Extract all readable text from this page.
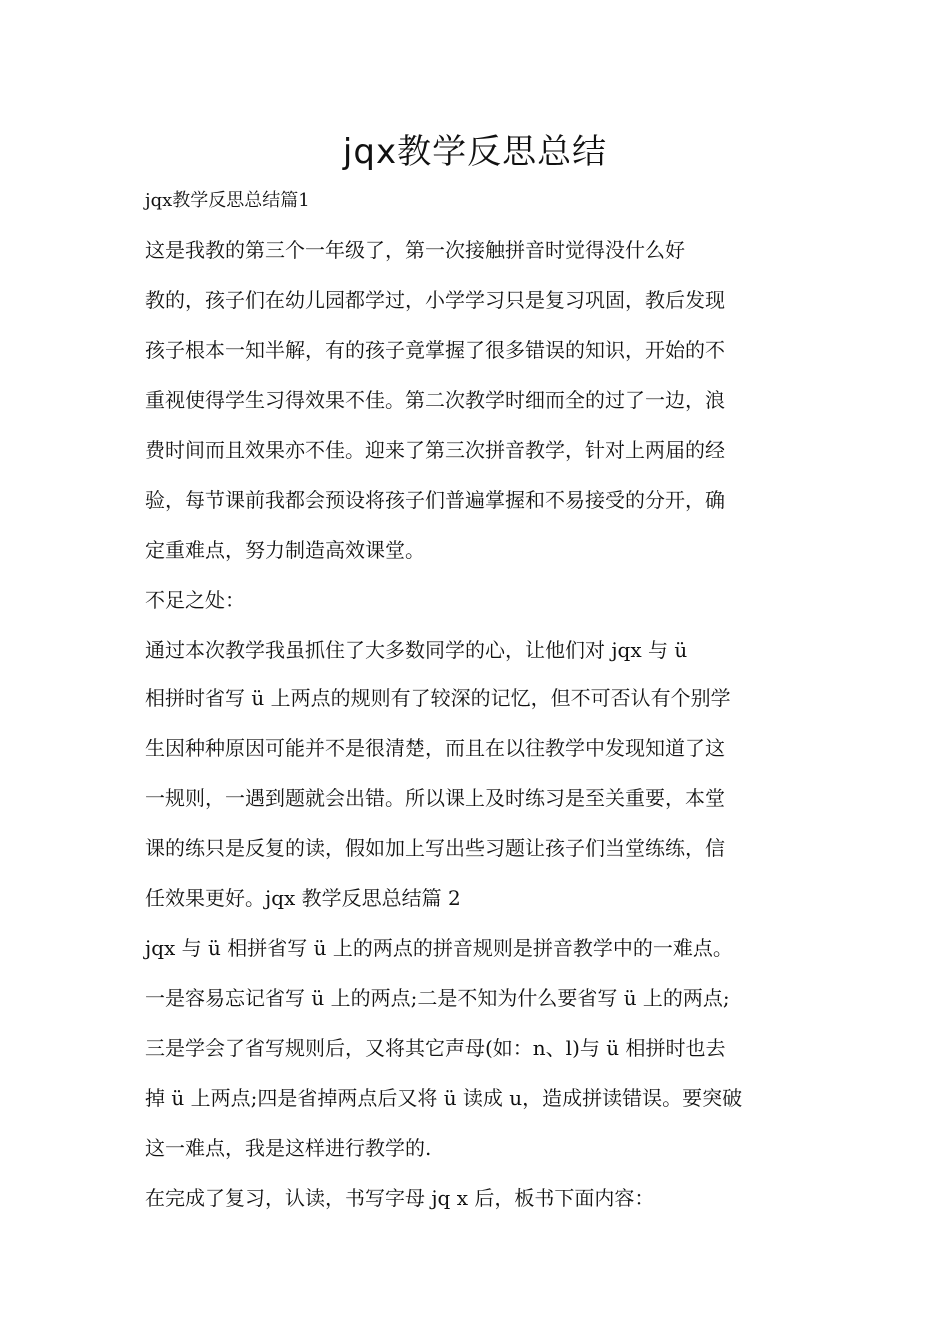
jqx教学反思总结
jqx教学反思总结篇1
这是我教的第三个一年级了，第一次接触拼音时觉得没什么好
教的，孩子们在幼儿园都学过，小学学习只是复习巩固，教后发现
孩子根本一知半解，有的孩子竟掌握了很多错误的知识，开始的不
重视使得学生习得效果不佳。第二次教学时细而全的过了一边，浪
费时间而且效果亦不佳。迎来了第三次拼音教学，针对上两届的经
验，每节课前我都会预设将孩子们普遍掌握和不易接受的分开，确
定重难点，努力制造高效课堂。
不足之处：
通过本次教学我虽抓住了大多数同学的心，让他们对 jqx 与 ü
相拼时省写 ü 上两点的规则有了较深的记忆，但不可否认有个别学
生因种种原因可能并不是很清楚，而且在以往教学中发现知道了这
一规则，一遇到题就会出错。所以课上及时练习是至关重要，本堂
课的练只是反复的读，假如加上写出些习题让孩子们当堂练练，信
任效果更好。jqx 教学反思总结篇 2
jqx 与 ü 相拼省写 ü 上的两点的拼音规则是拼音教学中的一难点。
一是容易忘记省写 ü 上的两点;二是不知为什么要省写 ü 上的两点;
三是学会了省写规则后，又将其它声母(如：n、l)与 ü 相拼时也去
掉 ü 上两点;四是省掉两点后又将 ü 读成 u，造成拼读错误。要突破
这一难点，我是这样进行教学的.
在完成了复习，认读，书写字母 jq x 后，板书下面内容：
